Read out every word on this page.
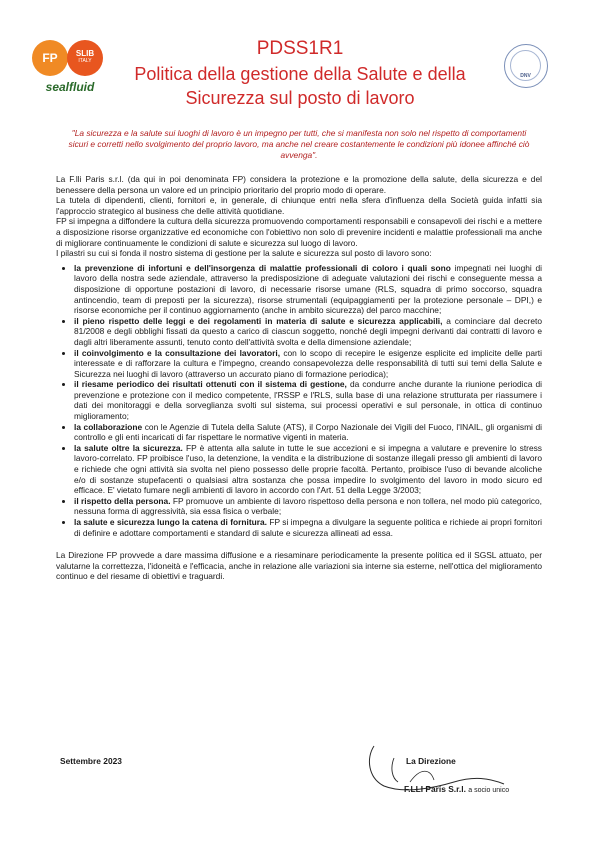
FP	SLIB
ITALY
sealfluid
DNV
PDSS1R1
Politica della gestione della Salute e della Sicurezza sul posto di lavoro
"La sicurezza e la salute sui luoghi di lavoro è un impegno per tutti, che si manifesta non solo nel rispetto di comportamenti sicuri e corretti nello svolgimento del proprio lavoro, ma anche nel creare costantemente le condizioni più idonee affinché ciò avvenga".

La F.lli Paris s.r.l. (da qui in poi denominata FP) considera la protezione e la promozione della salute, della sicurezza e del benessere della persona un valore ed un principio prioritario del proprio modo di operare.

La tutela di dipendenti, clienti, fornitori e, in generale, di chiunque entri nella sfera d'influenza della Società guida infatti sia l'approccio strategico al business che delle attività quotidiane.

FP si impegna a diffondere la cultura della sicurezza promuovendo comportamenti responsabili e consapevoli dei rischi e a mettere a disposizione risorse organizzative ed economiche con l'obiettivo non solo di prevenire incidenti e malattie professionali ma anche di migliorare continuamente le condizioni di salute e sicurezza sul luogo di lavoro.

I pilastri su cui si fonda il nostro sistema di gestione per la salute e sicurezza sul posto di lavoro sono:

• la prevenzione di infortuni e dell'insorgenza di malattie professionali di coloro i quali sono impegnati nei luoghi di lavoro della nostra sede aziendale, attraverso la predisposizione di adeguate valutazioni dei rischi e conseguente messa a disposizione di opportune postazioni di lavoro, di necessarie risorse umane (RLS, squadra di primo soccorso, squadra antincendio, team di preposti per la sicurezza), risorse strumentali (equipaggiamenti per la protezione personale – DPI,) e risorse economiche per il continuo aggiornamento (anche in ambito sicurezza) del parco macchine;
• il pieno rispetto delle leggi e dei regolamenti in materia di salute e sicurezza applicabili, a cominciare dal decreto 81/2008 e degli obblighi fissati da questo a carico di ciascun soggetto, nonché degli impegni derivanti dai contratti di lavoro e dagli altri liberamente assunti, tenuto conto dell'attività svolta e della dimensione aziendale;
• il coinvolgimento e la consultazione dei lavoratori, con lo scopo di recepire le esigenze esplicite ed implicite delle parti interessate e di rafforzare la cultura e l'impegno, creando consapevolezza delle responsabilità di tutti sui temi della Salute e Sicurezza nei luoghi di lavoro (attraverso un accurato piano di formazione periodica);
• il riesame periodico dei risultati ottenuti con il sistema di gestione, da condurre anche durante la riunione periodica di prevenzione e protezione con il medico competente, l'RSSP e l'RLS, sulla base di una relazione strutturata per riassumere i dati dei monitoraggi e della sorveglianza svolti sul sistema, sui processi operativi e sul personale, in ottica di continuo miglioramento;
• la collaborazione con le Agenzie di Tutela della Salute (ATS), il Corpo Nazionale dei Vigili del Fuoco, l'INAIL, gli organismi di controllo e gli enti incaricati di far rispettare le normative vigenti in materia.
• la salute oltre la sicurezza. FP è attenta alla salute in tutte le sue accezioni e si impegna a valutare e prevenire lo stress lavoro-correlato. FP proibisce l'uso, la detenzione, la vendita e la distribuzione di sostanze illegali presso gli ambienti di lavoro e richiede che ogni attività sia svolta nel pieno possesso delle proprie facoltà. Pertanto, proibisce l'uso di bevande alcoliche e/o di sostanze stupefacenti o qualsiasi altra sostanza che possa impedire lo svolgimento del lavoro in modo sicuro ed efficace. E' vietato fumare negli ambienti di lavoro in accordo con l'Art. 51 della Legge 3/2003;
• il rispetto della persona. FP promuove un ambiente di lavoro rispettoso della persona e non tollera, nel modo più categorico, nessuna forma di aggressività, sia essa fisica o verbale;
• la salute e sicurezza lungo la catena di fornitura. FP si impegna a divulgare la seguente politica e richiede ai propri fornitori di definire e adottare comportamenti e standard di salute e sicurezza allineati ad essa.

La Direzione FP provvede a dare massima diffusione e a riesaminare periodicamente la presente politica ed il SGSL attuato, per valutarne la correttezza, l'idoneità e l'efficacia, anche in relazione alle variazioni sia interne sia esterne, nell'ottica del miglioramento continuo e del riesame di obiettivi e traguardi.

Settembre 2023	La Direzione
F.LLI Paris S.r.l. a socio unico
